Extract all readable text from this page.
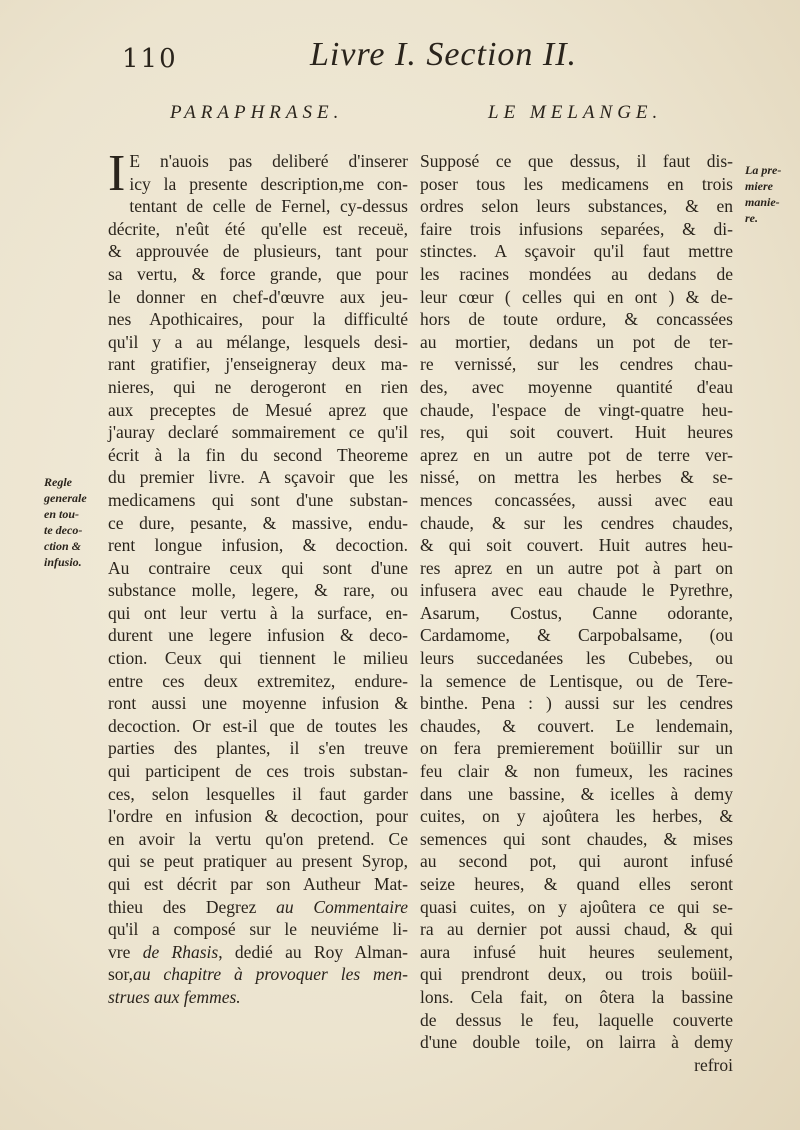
110	Livre I. Section II.
PARAPHRASE.	LE MELANGE.
I E n'auois pas deliberé d'inserer
icy la presente description,me con-
tentant de celle de Fernel, cy-dessus
décrite, n'eût été qu'elle est receuë,
& approuvée de plusieurs, tant pour
sa vertu, & force grande, que pour
le donner en chef-d'œuvre aux jeu-
nes Apothicaires, pour la difficulté
qu'il y a au mélange, lesquels desi-
rant gratifier, j'enseigneray deux ma-
nieres, qui ne derogeront en rien
aux preceptes de Mesué aprez que
j'auray declaré sommairement ce qu'il
écrit à la fin du second Theoreme
du premier livre. A sçavoir que les
medicamens qui sont d'une substan-
ce dure, pesante, & massive, endu-
rent longue infusion, & decoction.
Au contraire ceux qui sont d'une
substance molle, legere, & rare, ou
qui ont leur vertu à la surface, en-
durent une legere infusion & deco-
ction. Ceux qui tiennent le milieu
entre ces deux extremitez, endure-
ront aussi une moyenne infusion &
decoction. Or est-il que de toutes les
parties des plantes, il s'en treuve
qui participent de ces trois substan-
ces, selon lesquelles il faut garder
l'ordre en infusion & decoction, pour
en avoir la vertu qu'on pretend. Ce
qui se peut pratiquer au present Syrop,
qui est décrit par son Autheur Mat-
thieu des Degrez au Commentaire
qu'il a composé sur le neuviéme li-
vre de Rhasis, dedié au Roy Alman-
sor,au chapitre à provoquer les men-
strues aux femmes.
Regle
generale
en tou-
te deco-
ction &
infusio.
Supposé ce que dessus, il faut dis-
poser tous les medicamens en trois
ordres selon leurs substances, & en
faire trois infusions separées, & di-
stinctes. A sçavoir qu'il faut mettre
les racines mondées au dedans de
leur cœur ( celles qui en ont ) & de-
hors de toute ordure, & concassées
au mortier, dedans un pot de ter-
re vernissé, sur les cendres chau-
des, avec moyenne quantité d'eau
chaude, l'espace de vingt-quatre heu-
res, qui soit couvert. Huit heures
aprez en un autre pot de terre ver-
nissé, on mettra les herbes & se-
mences concassées, aussi avec eau
chaude, & sur les cendres chaudes,
& qui soit couvert. Huit autres heu-
res aprez en un autre pot à part on
infusera avec eau chaude le Pyrethre,
Asarum, Costus, Canne odorante,
Cardamome, & Carpobalsame, (ou
leurs succedanées les Cubebes, ou
la semence de Lentisque, ou de Tere-
binthe. Pena : ) aussi sur les cendres
chaudes, & couvert. Le lendemain,
on fera premierement boüillir sur un
feu clair & non fumeux, les racines
dans une bassine, & icelles à demy
cuites, on y ajoûtera les herbes, &
semences qui sont chaudes, & mises
au second pot, qui auront infusé
seize heures, & quand elles seront
quasi cuites, on y ajoûtera ce qui se-
ra au dernier pot aussi chaud, & qui
aura infusé huit heures seulement,
qui prendront deux, ou trois boüil-
lons. Cela fait, on ôtera la bassine
de dessus le feu, laquelle couverte
d'une double toile, on lairra à demy
refroi
La pre-
miere
manie-
re.
